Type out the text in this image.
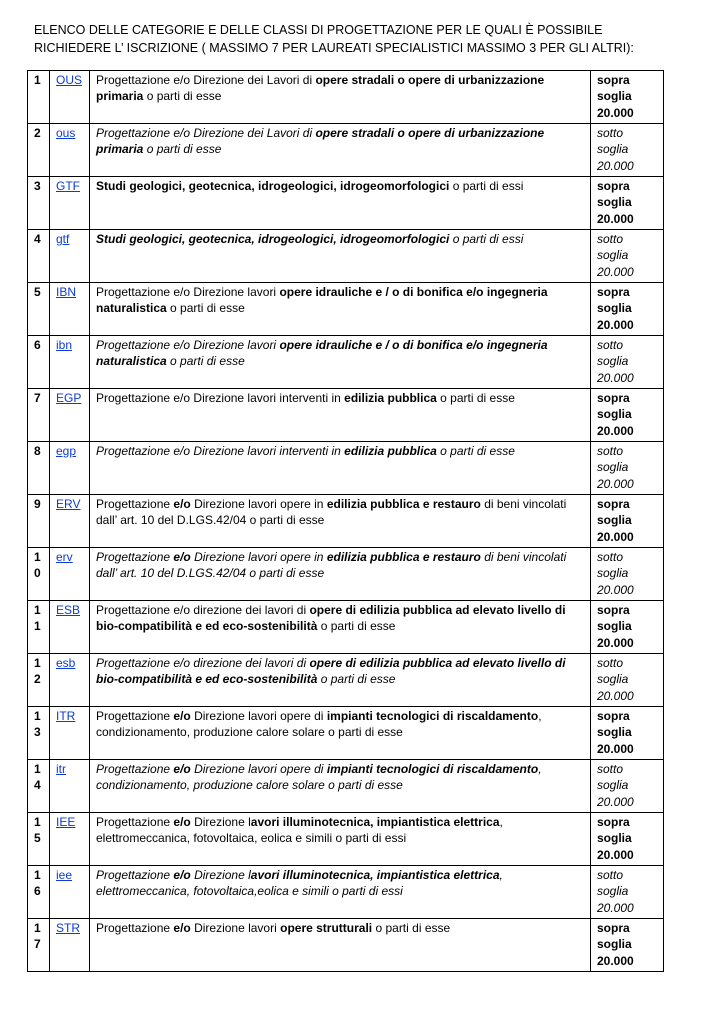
ELENCO DELLE CATEGORIE E DELLE CLASSI DI PROGETTAZIONE PER LE QUALI È POSSIBILE RICHIEDERE L’ ISCRIZIONE ( MASSIMO 7 PER LAUREATI SPECIALISTICI MASSIMO 3 PER GLI ALTRI):
1	OUS	Progettazione e/o Direzione dei Lavori di opere stradali o opere di urbanizzazione primaria o parti di esse	sopra
soglia
20.000

2	ous	Progettazione e/o Direzione dei Lavori di opere stradali o opere di urbanizzazione primaria o parti di esse	sotto
soglia
20.000

3	GTF	Studi geologici, geotecnica, idrogeologici, idrogeomorfologici o parti di essi	sopra
soglia
20.000

4	gtf	Studi geologici, geotecnica, idrogeologici, idrogeomorfologici o parti di essi	sotto
soglia
20.000

5	IBN	Progettazione e/o Direzione lavori opere idrauliche e / o di bonifica e/o ingegneria naturalistica o parti di esse	sopra
soglia
20.000

6	ibn	Progettazione e/o Direzione lavori opere idrauliche e / o di bonifica e/o ingegneria naturalistica o parti di esse	sotto
soglia
20.000

7	EGP	Progettazione e/o Direzione lavori interventi in edilizia pubblica o parti di esse	sopra
soglia
20.000

8	egp	Progettazione e/o Direzione lavori interventi in edilizia pubblica o parti di esse	sotto
soglia
20.000

9	ERV	Progettazione e/o Direzione lavori opere in edilizia pubblica e restauro di beni vincolati dall’ art. 10 del D.LGS.42/04 o parti di esse	sopra
soglia
20.000

10	erv	Progettazione e/o Direzione lavori opere in edilizia pubblica e restauro di beni vincolati dall’ art. 10 del D.LGS.42/04 o parti di esse	sotto
soglia
20.000

11	ESB	Progettazione e/o direzione dei lavori di opere di edilizia pubblica ad elevato livello di bio-compatibilità e ed eco-sostenibilità o parti di esse	sopra
soglia
20.000

12	esb	Progettazione e/o direzione dei lavori di opere di edilizia pubblica ad elevato livello di bio-compatibilità e ed eco-sostenibilità o parti di esse	sotto
soglia
20.000

13	ITR	Progettazione e/o Direzione lavori opere di impianti tecnologici di riscaldamento, condizionamento, produzione calore solare o parti di esse	sopra
soglia
20.000

14	itr	Progettazione e/o Direzione lavori opere di impianti tecnologici di riscaldamento, condizionamento, produzione calore solare o parti di esse	sotto
soglia
20.000

15	IEE	Progettazione e/o Direzione lavori illuminotecnica, impiantistica elettrica, elettromeccanica, fotovoltaica, eolica e simili o parti di essi	sopra
soglia
20.000

16	iee	Progettazione e/o Direzione lavori illuminotecnica, impiantistica elettrica, elettromeccanica, fotovoltaica,eolica e simili o parti di essi	sotto
soglia
20.000

17	STR	Progettazione e/o Direzione lavori opere strutturali o parti di esse	sopra
soglia
20.000
